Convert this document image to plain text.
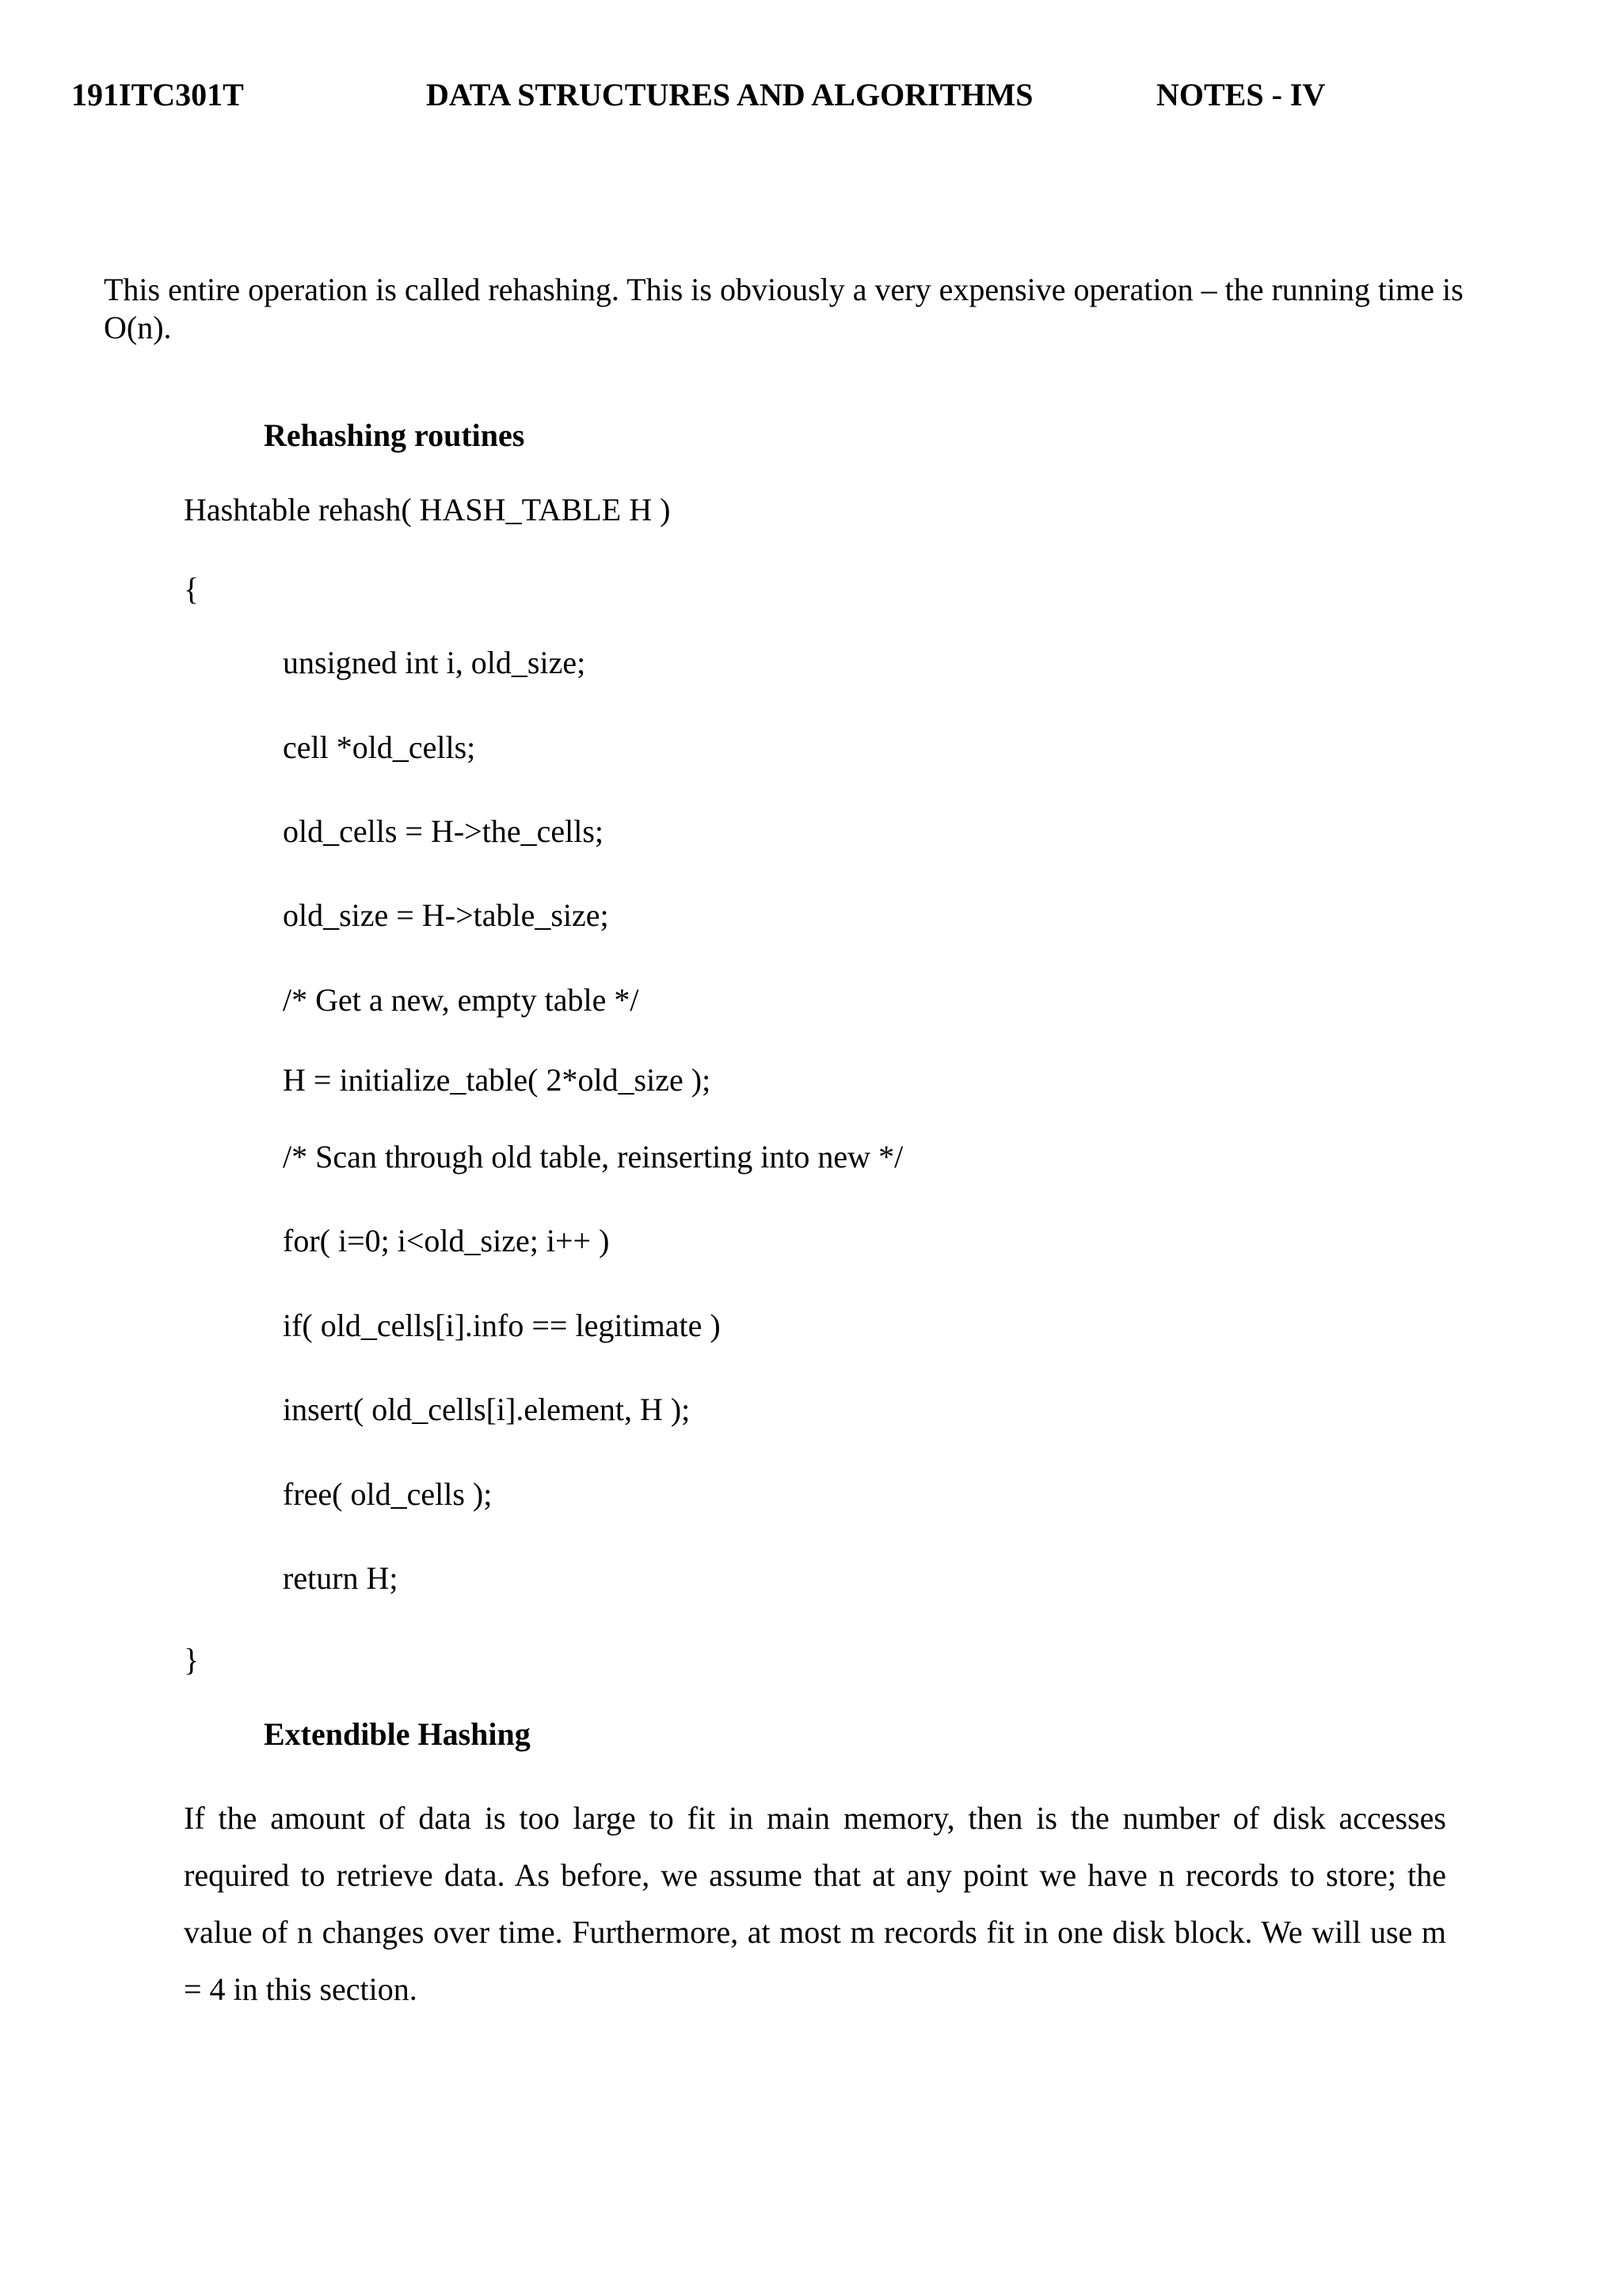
191ITC301T	DATA STRUCTURES AND ALGORITHMS	NOTES - IV
This entire operation is called rehashing. This is obviously a very expensive operation – the running time is O(n).
Rehashing routines
Hashtable rehash( HASH_TABLE H )
{
unsigned int i, old_size;
cell *old_cells;
old_cells = H->the_cells;
old_size = H->table_size;
/* Get a new, empty table */
H = initialize_table( 2*old_size );
/* Scan through old table, reinserting into new */
for( i=0; i<old_size; i++ )
if( old_cells[i].info == legitimate )
insert( old_cells[i].element, H );
free( old_cells );
return H;
}
Extendible Hashing
If the amount of data is too large to fit in main memory, then is the number of disk accesses required to retrieve data. As before, we assume that at any point we have n records to store; the value of n changes over time. Furthermore, at most m records fit in one disk block. We will use m = 4 in this section.
